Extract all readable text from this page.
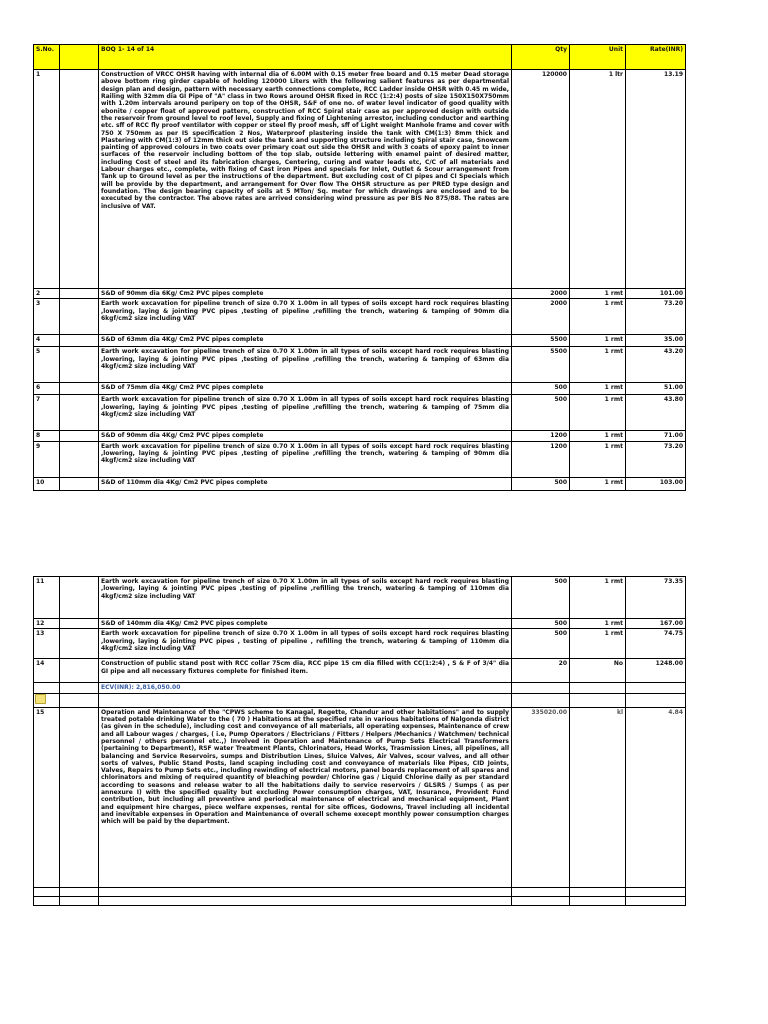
S.No.		BOQ 1- 14 of 14	Qty	Unit	Rate(INR)
1		Construction of VRCC OHSR having with internal dia of 6.00M with 0.15 meter free board and 0.15 meter Dead storage above bottom ring girder capable of holding 120000 Liters with the following salient features as per departmental design plan and design, pattern with necessary earth connections complete, RCC Ladder inside OHSR with 0.45 m wide, Railing with 32mm dia GI Pipe of "A" class in two Rows around OHSR fixed in RCC (1:2:4) posts of size 150X150X750mm with 1.20m intervals around peripery on top of the OHSR, S&F of one no. of water level indicator of good quality with ebonite / copper float of approved pattern, construction of RCC Spiral stair case as per approved design with outside the reservoir from ground level to roof level, Supply and fixing of Lightening arrestor, including conductor and earthing etc. sff of RCC fly proof ventilator with copper or steel fly proof mesh, sff of Light weight Manhole frame and cover with 750 X 750mm as per IS specification 2 Nos, Waterproof plastering inside the tank with CM(1:3) 8mm thick and Plastering with CM(1:3) of 12mm thick out side the tank and supporting structure including Spiral stair case, Snowcem painting of approved colours in two coats over primary coat out side the OHSR and with 3 coats of epoxy paint to inner surfaces of the reservoir including bottom of the top slab, outside lettering with enamel paint of desired matter, including Cost of steel and its fabrication charges, Centering, curing and water leads etc, C/C of all materials and Labour charges etc., complete, with fixing of Cast iron Pipes and specials for Inlet, Outlet & Scour arrangement from Tank up to Ground level as per the instructions of the department. But excluding cost of CI pipes and CI Specials which will be provide by the department, and arrangement for Over flow The OHSR structure as per PRED type design and foundation. The design bearing capacity of soils at 5 MTon/ Sq. meter for which drawings are enclosed and to be executed by the contractor. The above rates are arrived considering wind pressure as per BIS No 875/88. The rates are inclusive of VAT.	120000	1 ltr	13.19
2		S&D of 90mm dia 6Kg/ Cm2 PVC pipes complete	2000	1 rmt	101.00
3		Earth work excavation for pipeline trench of size 0.70 X 1.00m in all types of soils except hard rock requires blasting ,lowering, laying & jointing PVC pipes ,testing of pipeline ,refilling the trench, watering & tamping of 90mm dia 6kgf/cm2 size including VAT	2000	1 rmt	73.20
4		S&D of 63mm dia 4Kg/ Cm2 PVC pipes complete	5500	1 rmt	35.00
5		Earth work excavation for pipeline trench of size 0.70 X 1.00m in all types of soils except hard rock requires blasting ,lowering, laying & jointing PVC pipes ,testing of pipeline ,refilling the trench, watering & tamping of 63mm dia 4kgf/cm2 size including VAT	5500	1 rmt	43.20
6		S&D of 75mm dia 4Kg/ Cm2 PVC pipes complete	500	1 rmt	51.00
7		Earth work excavation for pipeline trench of size 0.70 X 1.00m in all types of soils except hard rock requires blasting ,lowering, laying & jointing PVC pipes ,testing of pipeline ,refilling the trench, watering & tamping of 75mm dia 4kgf/cm2 size including VAT	500	1 rmt	43.80
8		S&D of 90mm dia 4Kg/ Cm2 PVC pipes complete	1200	1 rmt	71.00
9		Earth work excavation for pipeline trench of size 0.70 X 1.00m in all types of soils except hard rock requires blasting ,lowering, laying & jointing PVC pipes ,testing of pipeline ,refilling the trench, watering & tamping of 90mm dia 4kgf/cm2 size including VAT	1200	1 rmt	73.20
10		S&D of 110mm dia 4Kg/ Cm2 PVC pipes complete	500	1 rmt	103.00
11		Earth work excavation for pipeline trench of size 0.70 X 1.00m in all types of soils except hard rock requires blasting ,lowering, laying & jointing PVC pipes ,testing of pipeline ,refilling the trench, watering & tamping of 110mm dia 4kgf/cm2 size including VAT	500	1 rmt	73.35
12		S&D of 140mm dia 4Kg/ Cm2 PVC pipes complete	500	1 rmt	167.00
13		Earth work excavation for pipeline trench of size 0.70 X 1.00m in all types of soils except hard rock requires blasting ,lowering, laying & jointing PVC pipes , testing of pipeline , refilling the trench, watering & tamping of 110mm dia 4kgf/cm2 size including VAT	500	1 rmt	74.75
14		Construction of public stand post with RCC collar 75cm dia, RCC pipe 15 cm dia filled with CC(1:2:4) , S & F of 3/4" dia GI pipe and all necessary fixtures complete for finished item.	20	No	1248.00
		ECV(INR): 2,816,050.00			

15		Operation and Maintenance of the "CPWS scheme to Kanagal, Regette, Chandur and other habitations" and to supply treated potable drinking Water to the ( 70 ) Habitations at the specified rate in various habitations of Nalgonda district (as given in the schedule), including cost and conveyance of all materials, all operating expenses, Maintenance of crew and all Labour wages / charges, ( i.e, Pump Operators / Electricians / Fitters / Helpers /Mechanics / Watchmen/ technical personnel / others personnel etc.,) Involved in Operation and Maintenance of Pump Sets Electrical Transformers (pertaining to Department), RSF water Treatment Plants, Chlorinators, Head Works, Trasmission Lines, all pipelines, all balancing and Service Reservoirs, sumps and Distribution Lines, Sluice Valves, Air Valves, scour valves, and all other sorts of valves, Public Stand Posts, land scaping including cost and conveyance of materials like Pipes, CID Joints, Valves, Repairs to Pump Sets etc., including rewinding of electrical motors, panel boards replacement of all spares and chlorinators and mixing of required quantity of bleaching powder/ Chlorine gas / Liquid Chlorine daily as per standard according to seasons and release water to all the habitations daily to service reservoirs / GLSRS / Sumps ( as per annexure I) with the specified quality but excluding Power consumption charges, VAT, Insurance, Provident Fund contribution, but including all preventive and periodical maintenance of electrical and mechanical equipment, Plant and equipment hire charges, piece welfare expenses, rental for site offices, Godowns, Travel including all incidental and inevitable expenses in Operation and Maintenance of overall scheme execept monthly power consumption charges which will be paid by the department.	335020.00	kl	4.84
